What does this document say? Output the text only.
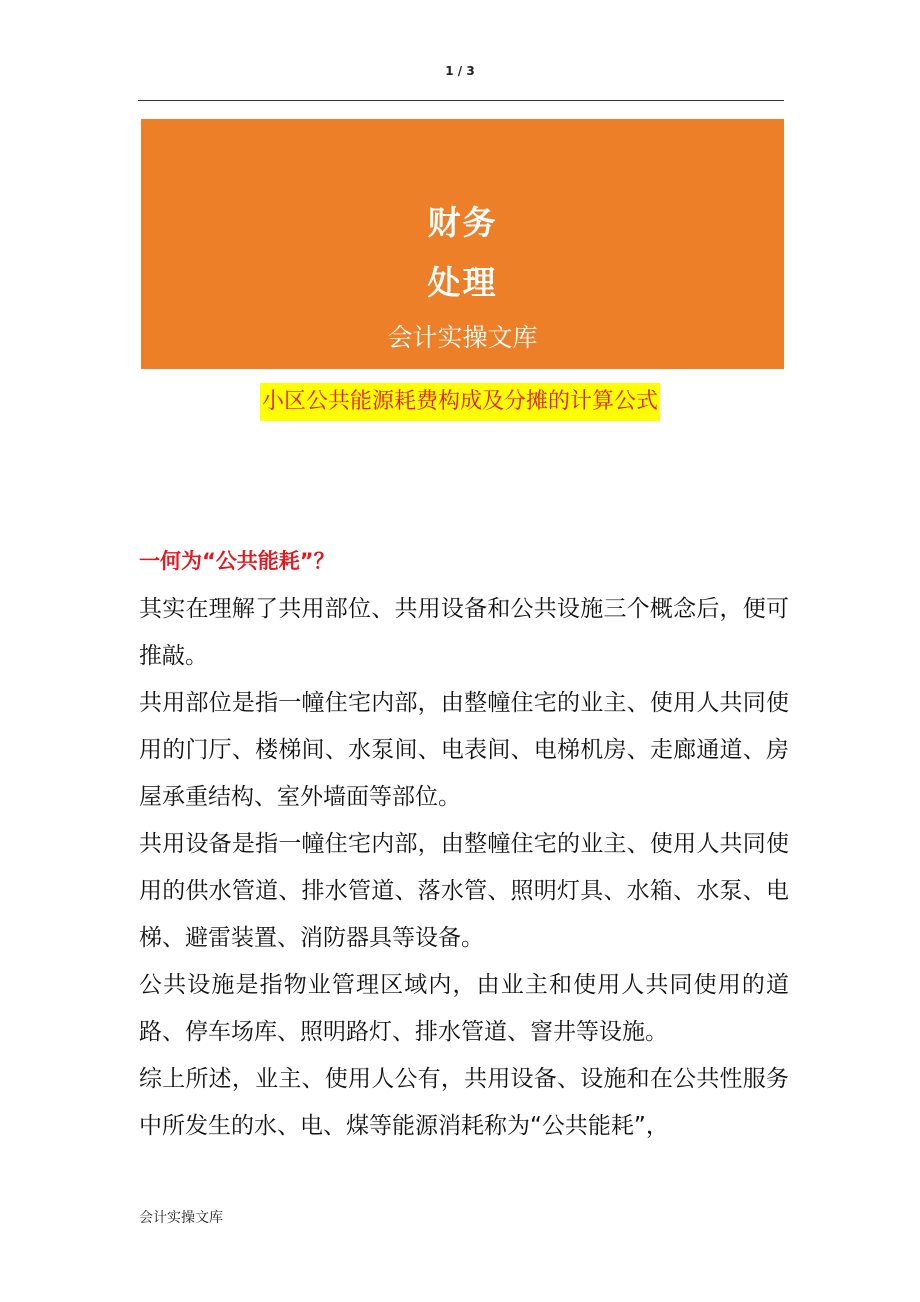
1 / 3
财务
处理
会计实操文库
小区公共能源耗费构成及分摊的计算公式
一何为“公共能耗”？

其实在理解了共用部位、共用设备和公共设施三个概念后，便可推敲。

共用部位是指一幢住宅内部，由整幢住宅的业主、使用人共同使用的门厅、楼梯间、水泵间、电表间、电梯机房、走廊通道、房屋承重结构、室外墙面等部位。

共用设备是指一幢住宅内部，由整幢住宅的业主、使用人共同使用的供水管道、排水管道、落水管、照明灯具、水箱、水泵、电梯、避雷装置、消防器具等设备。

公共设施是指物业管理区域内，由业主和使用人共同使用的道路、停车场库、照明路灯、排水管道、窨井等设施。

综上所述，业主、使用人公有，共用设备、设施和在公共性服务中所发生的水、电、煤等能源消耗称为“公共能耗”，

会计实操文库
